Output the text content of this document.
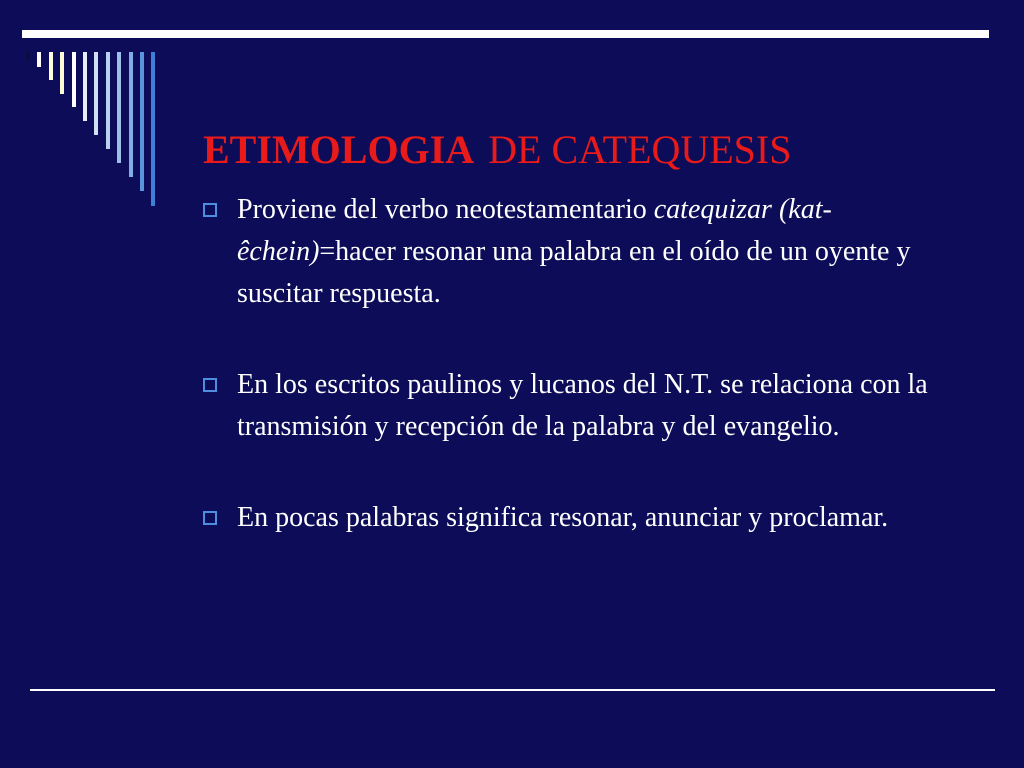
ETIMOLOGIA DE CATEQUESIS
Proviene del verbo neotestamentario catequizar (kat-êchein)=hacer resonar una palabra en el oído de un oyente y suscitar respuesta.
En los escritos paulinos y lucanos del N.T. se relaciona con la transmisión y recepción de la palabra y del evangelio.
En pocas palabras significa resonar, anunciar y proclamar.
